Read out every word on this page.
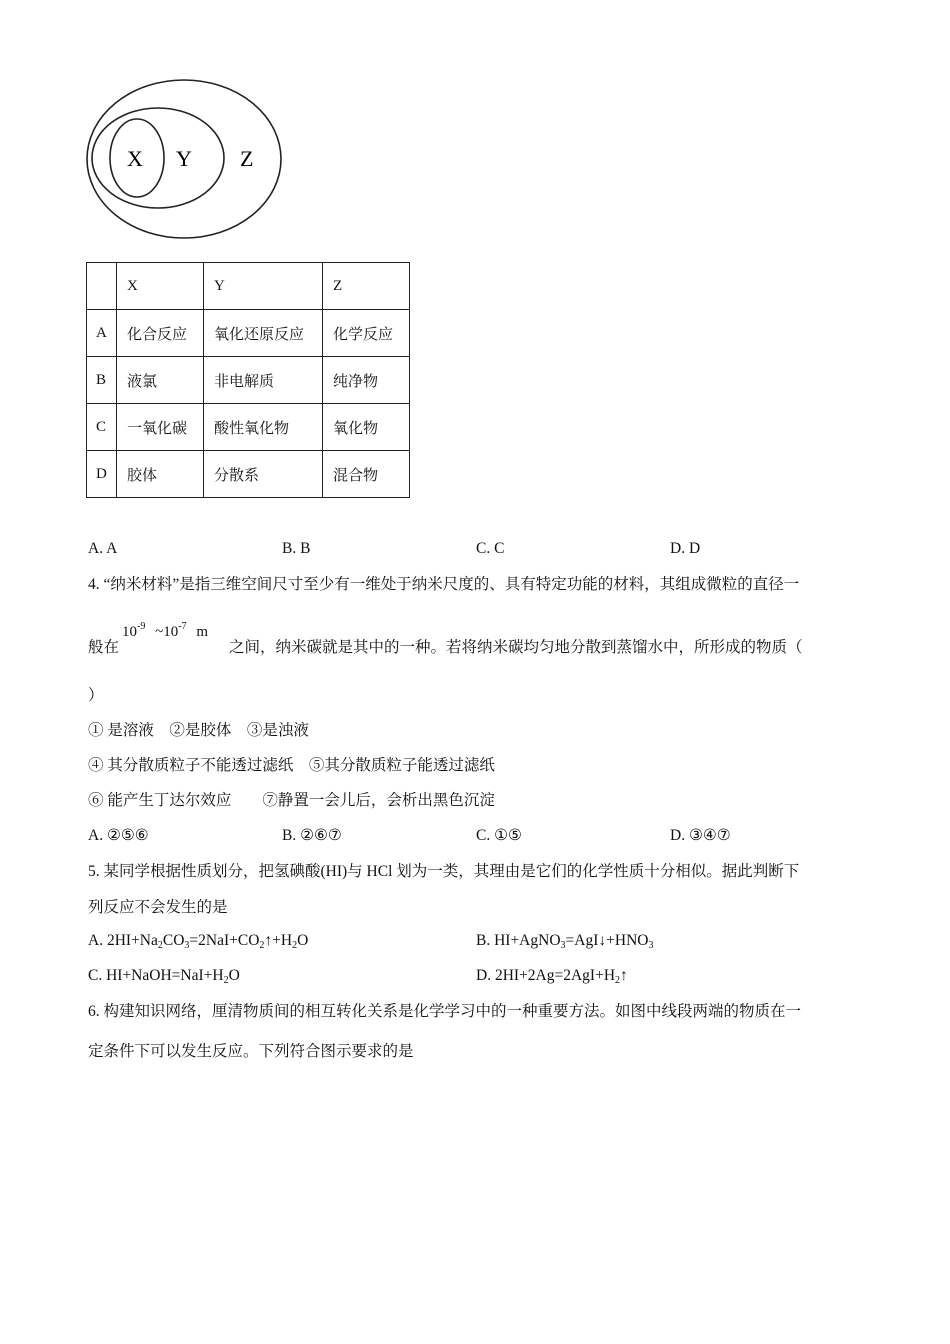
X Y Z
	X	Y	Z
A	化合反应	氧化还原反应	化学反应
B	液氯	非电解质	纯净物
C	一氧化碳	酸性氧化物	氧化物
D	胶体	分散系	混合物
A. A	B. B	C. C	D. D
4. “纳米材料”是指三维空间尺寸至少有一维处于纳米尺度的、具有特定功能的材料，其组成微粒的直径一
般在
$10^{-9}$ $\sim 10^{-7}$ m
之间，纳米碳就是其中的一种。若将纳米碳均匀地分散到蒸馏水中，所形成的物质（
）
① 是溶液　②是胶体　③是浊液
④ 其分散质粒子不能透过滤纸　⑤其分散质粒子能透过滤纸
⑥ 能产生丁达尔效应　　⑦静置一会儿后，会析出黑色沉淀
A. ②⑤⑥	B. ②⑥⑦	C. ①⑤	D. ③④⑦
5. 某同学根据性质划分，把氢碘酸(HI)与 HCl 划为一类，其理由是它们的化学性质十分相似。据此判断下
列反应不会发生的是
A. $2HI+Na_2CO_3=2NaI+CO_2↑+H_2O$	B. $HI+AgNO_3=AgI↓+HNO_3$
C. $HI+NaOH=NaI+H_2O$	D. $2HI+2Ag=2AgI+H_2↑$
6. 构建知识网络，厘清物质间的相互转化关系是化学学习中的一种重要方法。如图中线段两端的物质在一
定条件下可以发生反应。下列符合图示要求的是
